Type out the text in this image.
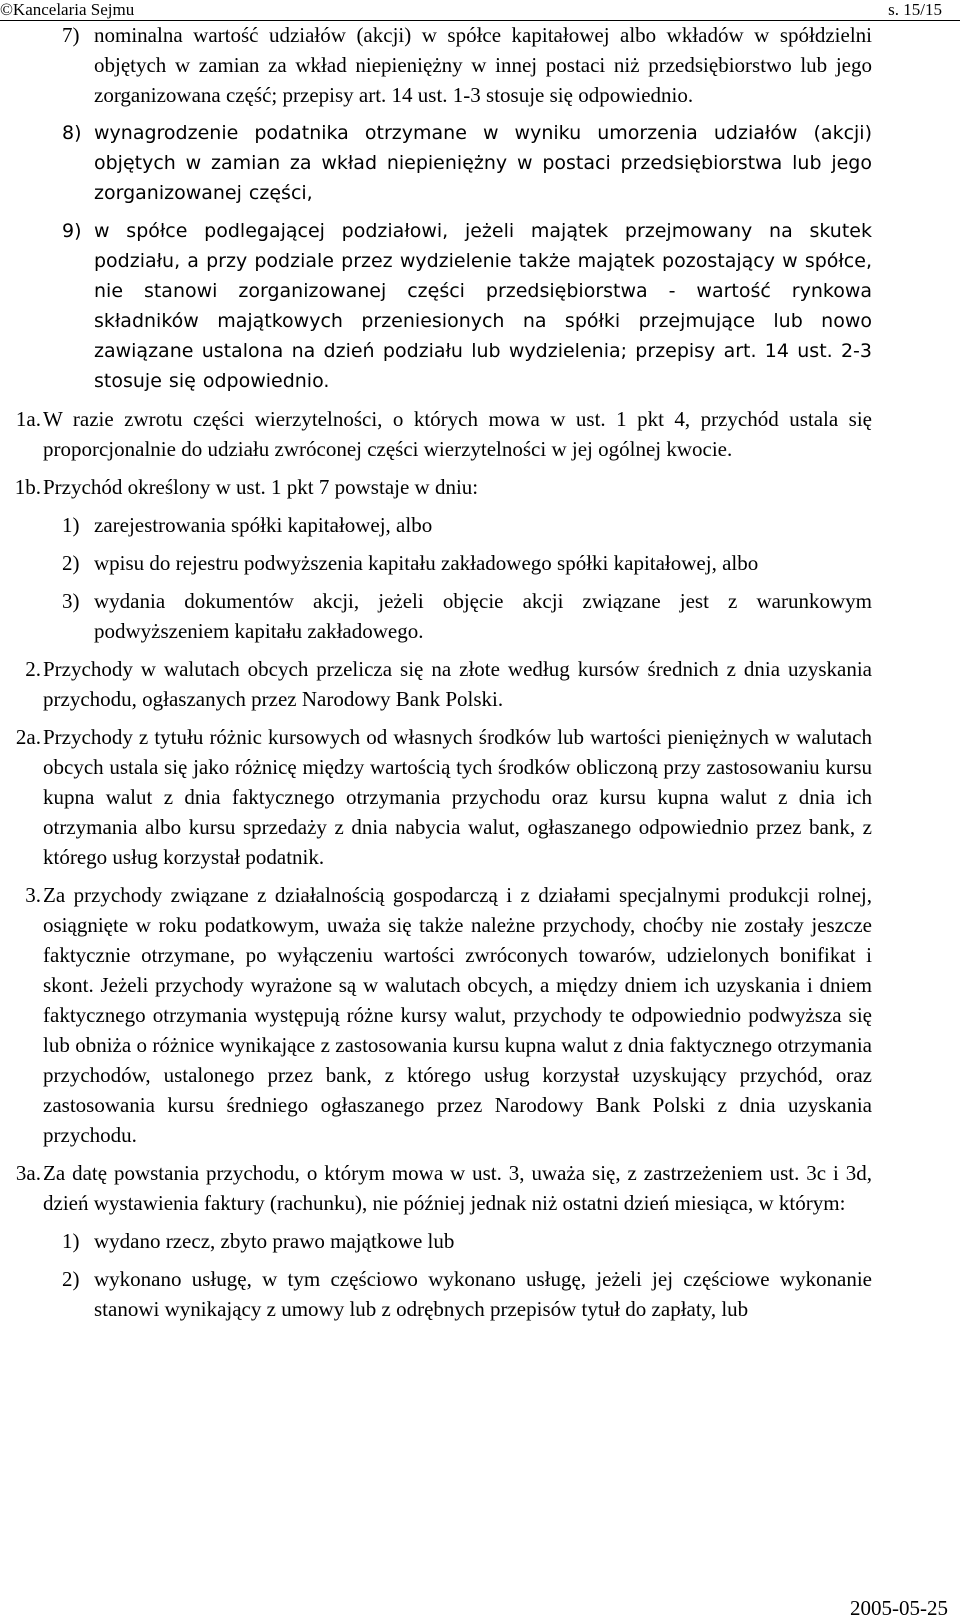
©Kancelaria Sejmu	s. 15/15
7) nominalna wartość udziałów (akcji) w spółce kapitałowej albo wkładów w spółdzielni objętych w zamian za wkład niepieniężny w innej postaci niż przedsiębiorstwo lub jego zorganizowana część; przepisy art. 14 ust. 1-3 stosuje się odpowiednio.
8) wynagrodzenie podatnika otrzymane w wyniku umorzenia udziałów (akcji) objętych w zamian za wkład niepieniężny w postaci przedsiębiorstwa lub jego zorganizowanej części,
9) w spółce podlegającej podziałowi, jeżeli majątek przejmowany na skutek podziału, a przy podziale przez wydzielenie także majątek pozostający w spółce, nie stanowi zorganizowanej części przedsiębiorstwa - wartość rynkowa składników majątkowych przeniesionych na spółki przejmujące lub nowo zawiązane ustalona na dzień podziału lub wydzielenia; przepisy art. 14 ust. 2-3 stosuje się odpowiednio.
1a. W razie zwrotu części wierzytelności, o których mowa w ust. 1 pkt 4, przychód ustala się proporcjonalnie do udziału zwróconej części wierzytelności w jej ogólnej kwocie.
1b. Przychód określony w ust. 1 pkt 7 powstaje w dniu:
1) zarejestrowania spółki kapitałowej, albo
2) wpisu do rejestru podwyższenia kapitału zakładowego spółki kapitałowej, albo
3) wydania dokumentów akcji, jeżeli objęcie akcji związane jest z warunkowym podwyższeniem kapitału zakładowego.
2. Przychody w walutach obcych przelicza się na złote według kursów średnich z dnia uzyskania przychodu, ogłaszanych przez Narodowy Bank Polski.
2a. Przychody z tytułu różnic kursowych od własnych środków lub wartości pieniężnych w walutach obcych ustala się jako różnicę między wartością tych środków obliczoną przy zastosowaniu kursu kupna walut z dnia faktycznego otrzymania przychodu oraz kursu kupna walut z dnia ich otrzymania albo kursu sprzedaży z dnia nabycia walut, ogłaszanego odpowiednio przez bank, z którego usług korzystał podatnik.
3. Za przychody związane z działalnością gospodarczą i z działami specjalnymi produkcji rolnej, osiągnięte w roku podatkowym, uważa się także należne przychody, choćby nie zostały jeszcze faktycznie otrzymane, po wyłączeniu wartości zwróconych towarów, udzielonych bonifikat i skont. Jeżeli przychody wyrażone są w walutach obcych, a między dniem ich uzyskania i dniem faktycznego otrzymania występują różne kursy walut, przychody te odpowiednio podwyższa się lub obniża o różnice wynikające z zastosowania kursu kupna walut z dnia faktycznego otrzymania przychodów, ustalonego przez bank, z którego usług korzystał uzyskujący przychód, oraz zastosowania kursu średniego ogłaszanego przez Narodowy Bank Polski z dnia uzyskania przychodu.
3a. Za datę powstania przychodu, o którym mowa w ust. 3, uważa się, z zastrzeżeniem ust. 3c i 3d, dzień wystawienia faktury (rachunku), nie później jednak niż ostatni dzień miesiąca, w którym:
1) wydano rzecz, zbyto prawo majątkowe lub
2) wykonano usługę, w tym częściowo wykonano usługę, jeżeli jej częściowe wykonanie stanowi wynikający z umowy lub z odrębnych przepisów tytuł do zapłaty, lub
2005-05-25
